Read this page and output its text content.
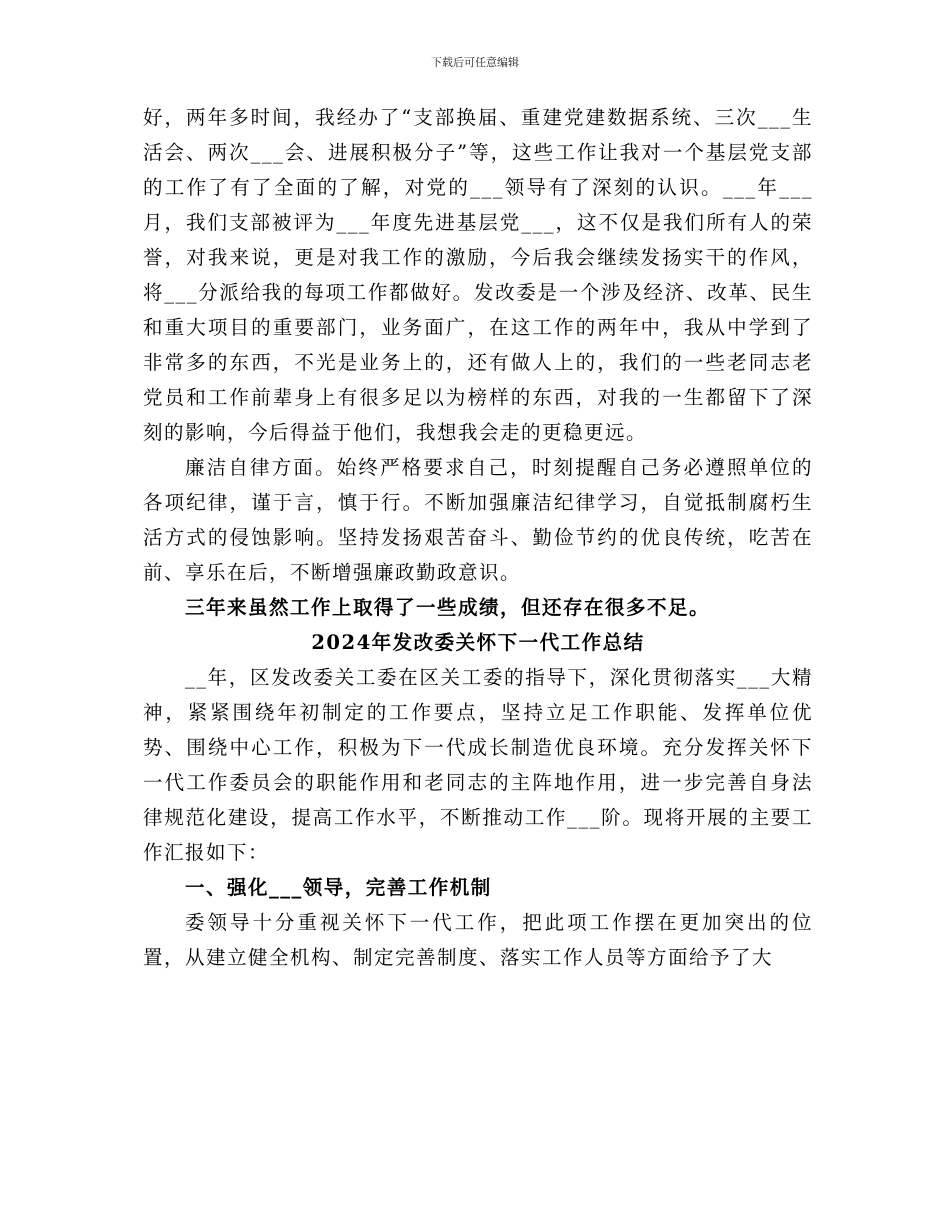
下载后可任意编辑

好，两年多时间，我经办了“支部换届、重建党建数据系统、三次___生活会、两次___会、进展积极分子”等，这些工作让我对一个基层党支部的工作了有了全面的了解，对党的___领导有了深刻的认识。___年___月，我们支部被评为___年度先进基层党___，这不仅是我们所有人的荣誉，对我来说，更是对我工作的激励，今后我会继续发扬实干的作风，将___分派给我的每项工作都做好。发改委是一个涉及经济、改革、民生和重大项目的重要部门，业务面广，在这工作的两年中，我从中学到了非常多的东西，不光是业务上的，还有做人上的，我们的一些老同志老党员和工作前辈身上有很多足以为榜样的东西，对我的一生都留下了深刻的影响，今后得益于他们，我想我会走的更稳更远。

廉洁自律方面。始终严格要求自己，时刻提醒自己务必遵照单位的各项纪律，谨于言，慎于行。不断加强廉洁纪律学习，自觉抵制腐朽生活方式的侵蚀影响。坚持发扬艰苦奋斗、勤俭节约的优良传统，吃苦在前、享乐在后，不断增强廉政勤政意识。

三年来虽然工作上取得了一些成绩，但还存在很多不足。

2024年发改委关怀下一代工作总结

__年，区发改委关工委在区关工委的指导下，深化贯彻落实___大精神，紧紧围绕年初制定的工作要点，坚持立足工作职能、发挥单位优势、围绕中心工作，积极为下一代成长制造优良环境。充分发挥关怀下一代工作委员会的职能作用和老同志的主阵地作用，进一步完善自身法律规范化建设，提高工作水平，不断推动工作___阶。现将开展的主要工作汇报如下：

一、强化___领导，完善工作机制

委领导十分重视关怀下一代工作，把此项工作摆在更加突出的位置，从建立健全机构、制定完善制度、落实工作人员等方面给予了大
